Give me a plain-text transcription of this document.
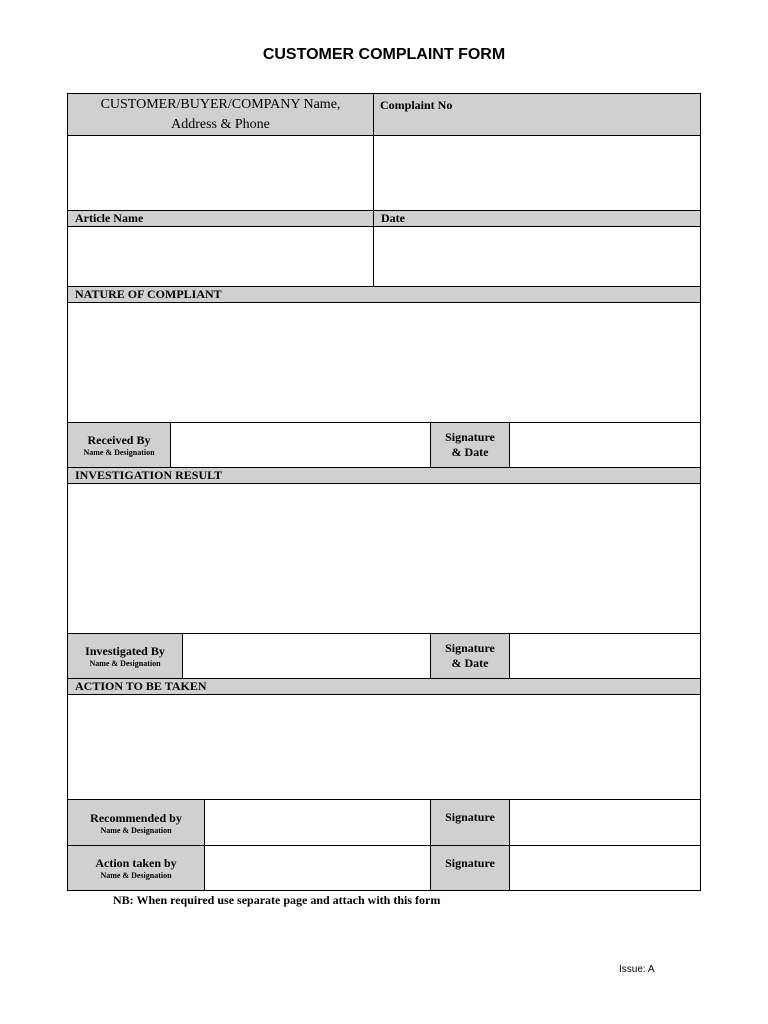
CUSTOMER COMPLAINT FORM
CUSTOMER/BUYER/COMPANY Name,
Address & Phone
Complaint No
Article Name	Date
NATURE OF COMPLIANT
Received By
Name & Designation
Signature
& Date
INVESTIGATION RESULT
Investigated By
Name & Designation
Signature
& Date
ACTION TO BE TAKEN
Recommended by
Name & Designation
Signature
Action taken by
Name & Designation
Signature
NB: When required use separate page and attach with this form
Issue: A
